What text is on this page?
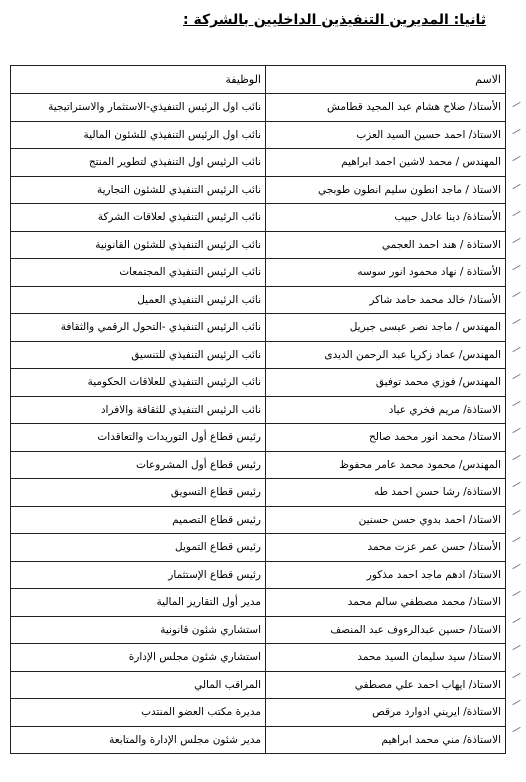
ثانيا: المديرين التنفيذين الداخليين بالشركة :
الاسم	الوظيفة
الأستاذ/ صلاح هشام عبد المجيد قطامش	نائب اول الرئيس التنفيذي-الاستثمار والاستراتيجية
الاستاذ/ احمد حسين السيد العزب	نائب اول الرئيس التنفيذي للشئون المالية
المهندس / محمد لاشين احمد ابراهيم	نائب الرئيس اول التنفيذي لتطوير المنتج
الاستاذ / ماجد انطون سليم انطون طوبجي	نائب الرئيس التنفيذي للشئون التجارية
الأستاذة/ دينا عادل حبيب	نائب الرئيس التنفيذي لعلاقات الشركة
الاستاذة / هند احمد العجمي	نائب الرئيس التنفيذي للشئون القانونية
الأستاذة / نهاد محمود انور سوسه	نائب الرئيس التنفيذي المجتمعات
الأستاذ/ خالد محمد حامد شاكر	نائب الرئيس التنفيذي العميل
المهندس / ماجد نصر عيسى جبريل	نائب الرئيس التنفيذي -التحول الرقمي والثقافة
المهندس/ عماد زكريا عبد الرحمن الديدى	نائب الرئيس التنفيذي للتنسيق
المهندس/ فوزي محمد توفيق	نائب الرئيس التنفيذي للعلاقات الحكومية
الاستاذة/ مريم فخري عياد	نائب الرئيس التنفيذي للثقافة والافراد
الاستاذ/ محمد انور محمد صالح	رئيس قطاع أول التوريدات والتعاقدات
المهندس/ محمود محمد عامر محفوظ	رئيس قطاع أول المشروعات
الاستاذة/ رشا حسن احمد طه	رئيس قطاع التسويق
الاستاذ/ احمد بدوي حسن حسنين	رئيس قطاع التصميم
الأستاذ/ حسن عمر عزت محمد	رئيس قطاع التمويل
الاستاذ/ ادهم ماجد احمد مذكور	رئيس قطاع الإستثمار
الاستاذ/ محمد مصطفي سالم محمد	مدير أول التقارير المالية
الاستاذ/ حسين عبدالرءوف عبد المنصف	استشاري شئون قانونية
الاستاذ/ سيد سليمان السيد محمد	استشاري شئون مجلس الإدارة
الاستاذ/ ايهاب احمد علي مصطفي	المراقب المالي
الاستاذة/ ايريني ادوارد مرقص	مديرة مكتب العضو المنتدب
الاستاذة/ مني محمد ابراهيم	مدير شئون مجلس الإدارة والمتابعة
